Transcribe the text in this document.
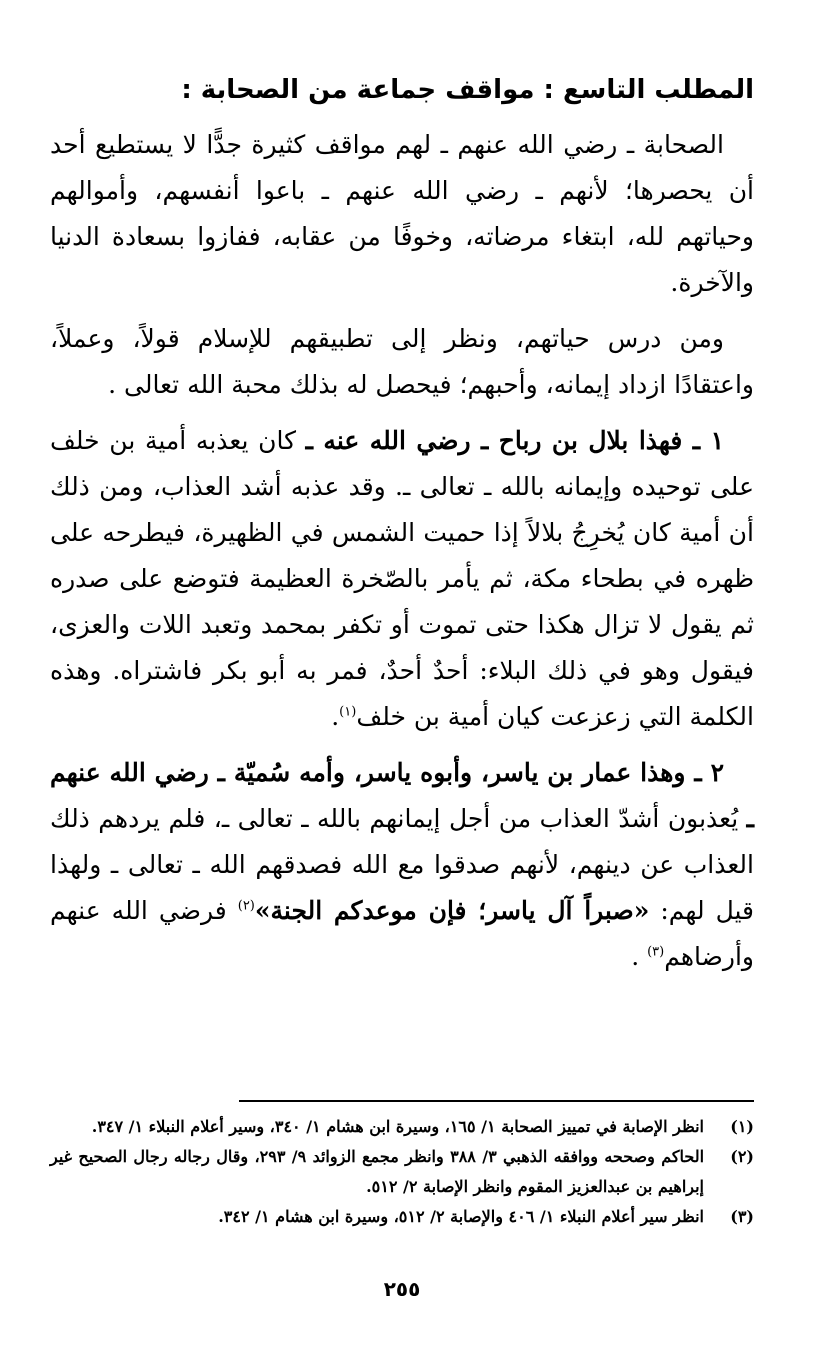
المطلب التاسع : مواقف جماعة من الصحابة :

الصحابة ـ رضي الله عنهم ـ لهم مواقف كثيرة جدًّا لا يستطيع أحد أن يحصرها؛ لأنهم ـ رضي الله عنهم ـ باعوا أنفسهم، وأموالهم وحياتهم لله، ابتغاء مرضاته، وخوفًا من عقابه، ففازوا بسعادة الدنيا والآخرة.

ومن درس حياتهم، ونظر إلى تطبيقهم للإسلام قولاً، وعملاً، واعتقادًا ازداد إيمانه، وأحبهم؛ فيحصل له بذلك محبة الله تعالى .

١ ـ فهذا بلال بن رباح ـ رضي الله عنه ـ كان يعذبه أمية بن خلف على توحيده وإيمانه بالله ـ تعالى ـ. وقد عذبه أشد العذاب، ومن ذلك أن أمية كان يُخرِجُ بلالاً إذا حميت الشمس في الظهيرة، فيطرحه على ظهره في بطحاء مكة، ثم يأمر بالصّخرة العظيمة فتوضع على صدره ثم يقول لا تزال هكذا حتى تموت أو تكفر بمحمد وتعبد اللات والعزى، فيقول وهو في ذلك البلاء: أحدٌ أحدٌ، فمر به أبو بكر فاشتراه. وهذه الكلمة التي زعزعت كيان أمية بن خلف$^{(١)}$.

٢ ـ وهذا عمار بن ياسر، وأبوه ياسر، وأمه سُميّة ـ رضي الله عنهم ـ يُعذبون أشدّ العذاب من أجل إيمانهم بالله ـ تعالى ـ، فلم يردهم ذلك العذاب عن دينهم، لأنهم صدقوا مع الله فصدقهم الله ـ تعالى ـ ولهذا قيل لهم: «صبراً آل ياسر؛ فإن موعدكم الجنة»$^{(٢)}$ فرضي الله عنهم وأرضاهم$^{(٣)}$ .

(١)
انظر الإصابة في تمييز الصحابة ١/ ١٦٥، وسيرة ابن هشام ١/ ٣٤٠، وسير أعلام النبلاء ١/ ٣٤٧.
(٢)
الحاكم وصححه ووافقه الذهبي ٣/ ٣٨٨ وانظر مجمع الزوائد ٩/ ٢٩٣، وقال رجاله رجال الصحيح غير إبراهيم بن عبدالعزيز المقوم وانظر الإصابة ٢/ ٥١٢.
(٣)
انظر سير أعلام النبلاء ١/ ٤٠٦ والإصابة ٢/ ٥١٢، وسيرة ابن هشام ١/ ٣٤٢.
٢٥٥
